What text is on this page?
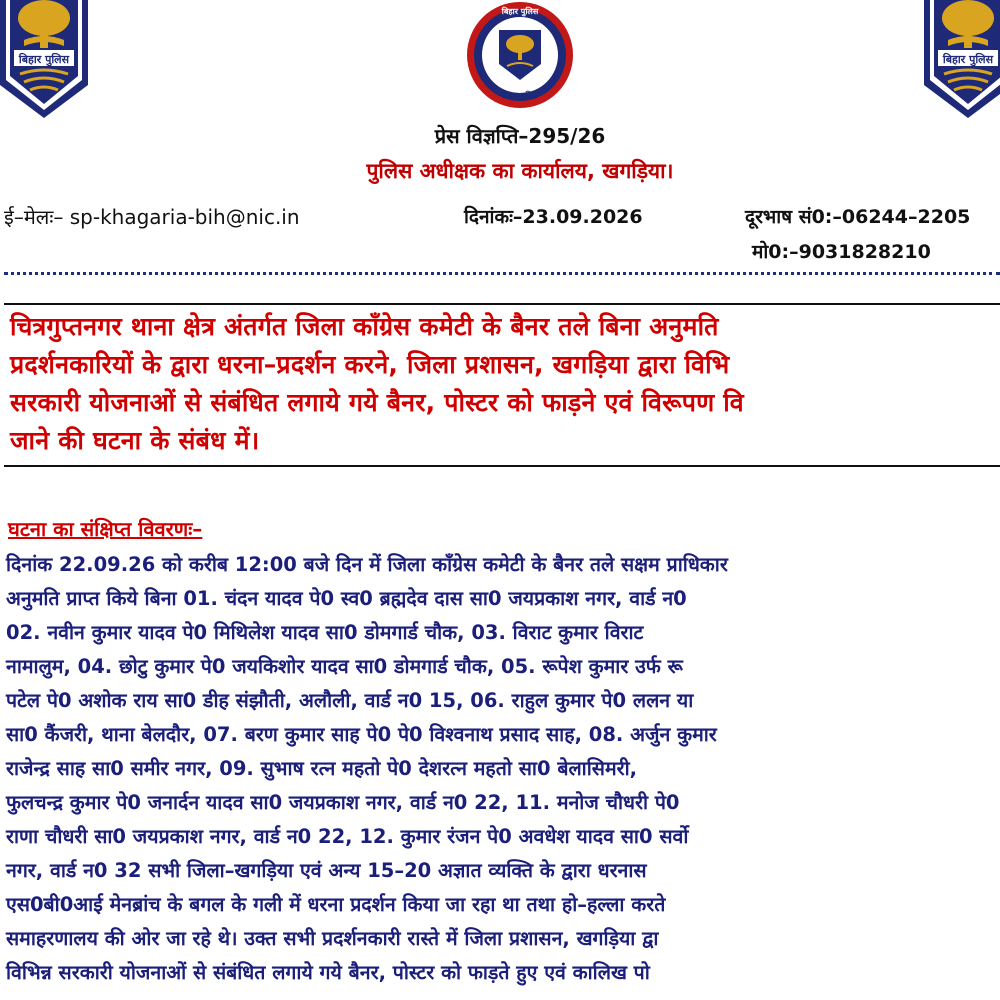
बिहार पुलिस	बिहार पुलिस
बिहार पुलिस
बिहार पुलिस
प्रेस विज्ञप्ति–295/26
पुलिस अधीक्षक का कार्यालय, खगड़िया।
ई–मेलः– sp-khagaria-bih@nic.in	दिनांकः–23.09.2026	दूरभाष सं0:–06244–2205
मो0:–9031828210
चित्रगुप्तनगर थाना क्षेत्र अंतर्गत जिला कॉंग्रेस कमेटी के बैनर तले बिना अनुमति
प्रदर्शनकारियों के द्वारा धरना–प्रदर्शन करने, जिला प्रशासन, खगड़िया द्वारा विभि
सरकारी योजनाओं से संबंधित लगाये गये बैनर, पोस्टर को फाड़ने एवं विरूपण वि
जाने की घटना के संबंध में।
घटना का संक्षिप्त विवरणः–
दिनांक 22.09.26 को करीब 12:00 बजे दिन में जिला कॉंग्रेस कमेटी के बैनर तले सक्षम प्राधिकार
अनुमति प्राप्त किये बिना 01. चंदन यादव पे0 स्व0 ब्रह्मदेव दास सा0 जयप्रकाश नगर, वार्ड न0
02. नवीन कुमार यादव पे0 मिथिलेश यादव सा0 डोमगार्ड चौक, 03. विराट कुमार विराट
नामालुम, 04. छोटु कुमार पे0 जयकिशोर यादव सा0 डोमगार्ड चौक, 05. रूपेश कुमार उर्फ रू
पटेल पे0 अशोक राय सा0 डीह संझौती, अलौली, वार्ड न0 15, 06. राहुल कुमार पे0 ललन या
सा0 कैंजरी, थाना बेलदौर, 07. बरण कुमार साह पे0 पे0 विश्वनाथ प्रसाद साह, 08. अर्जुन कुमार
राजेन्द्र साह सा0 समीर नगर, 09. सुभाष रत्न महतो पे0 देशरत्न महतो सा0 बेलासिमरी,
फुलचन्द्र कुमार पे0 जनार्दन यादव सा0 जयप्रकाश नगर, वार्ड न0 22, 11. मनोज चौधरी पे0
राणा चौधरी सा0 जयप्रकाश नगर, वार्ड न0 22, 12. कुमार रंजन पे0 अवधेश यादव सा0 सर्वो
नगर, वार्ड न0 32 सभी जिला–खगड़िया एवं अन्य 15–20 अज्ञात व्यक्ति के द्वारा धरनास
एस0बी0आई मेनब्रांच के बगल के गली में धरना प्रदर्शन किया जा रहा था तथा हो–हल्ला करते
समाहरणालय की ओर जा रहे थे। उक्त सभी प्रदर्शनकारी रास्ते में जिला प्रशासन, खगड़िया द्वा
विभिन्न सरकारी योजनाओं से संबंधित लगाये गये बैनर, पोस्टर को फाड़ते हुए एवं कालिख पो
